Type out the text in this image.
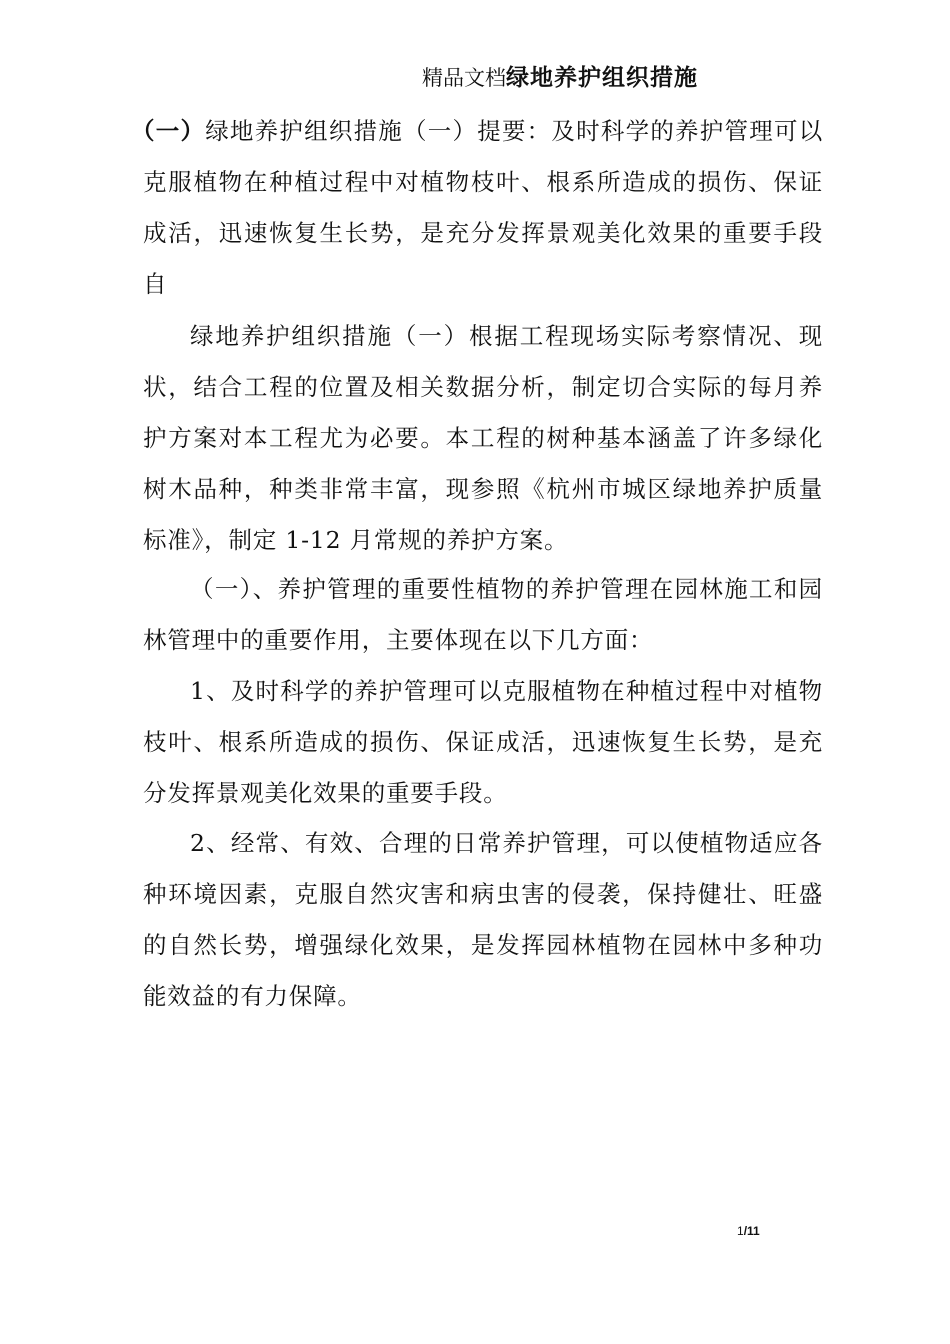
精品文档绿地养护组织措施

（一）绿地养护组织措施（一）提要：及时科学的养护管理可以克服植物在种植过程中对植物枝叶、根系所造成的损伤、保证成活，迅速恢复生长势，是充分发挥景观美化效果的重要手段自

绿地养护组织措施（一）根据工程现场实际考察情况、现状，结合工程的位置及相关数据分析，制定切合实际的每月养护方案对本工程尤为必要。本工程的树种基本涵盖了许多绿化树木品种，种类非常丰富，现参照《杭州市城区绿地养护质量标准》，制定 1-12 月常规的养护方案。

（一）、养护管理的重要性植物的养护管理在园林施工和园林管理中的重要作用，主要体现在以下几方面：

1、及时科学的养护管理可以克服植物在种植过程中对植物枝叶、根系所造成的损伤、保证成活，迅速恢复生长势，是充分发挥景观美化效果的重要手段。

2、经常、有效、合理的日常养护管理，可以使植物适应各种环境因素，克服自然灾害和病虫害的侵袭，保持健壮、旺盛的自然长势，增强绿化效果，是发挥园林植物在园林中多种功能效益的有力保障。

1/11
